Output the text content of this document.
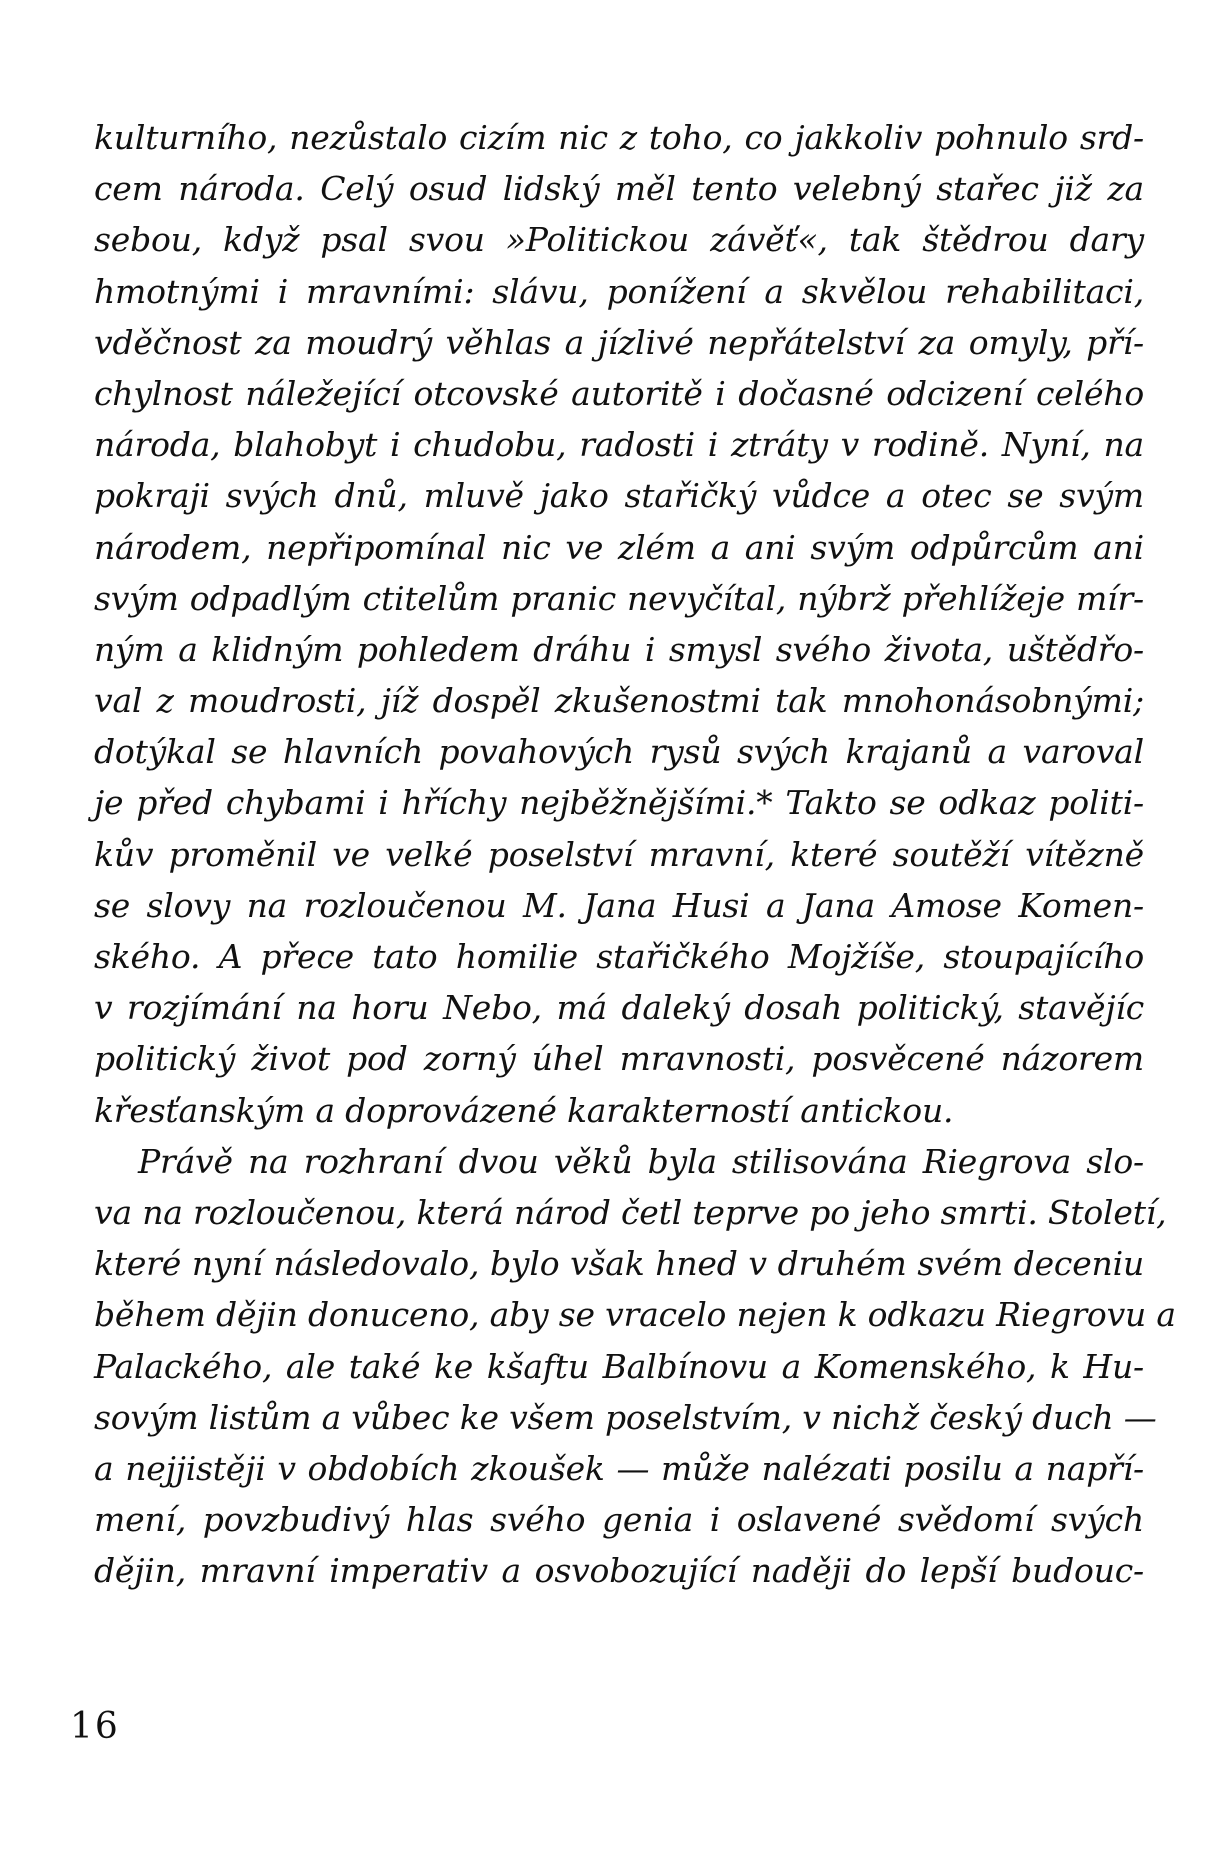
kulturního, nezůstalo cizím nic z toho, co jakkoliv pohnulo srd-
cem národa. Celý osud lidský měl tento velebný stařec již za
sebou, když psal svou »Politickou závěť«, tak štědrou dary
hmotnými i mravními: slávu, ponížení a skvělou rehabilitaci,
vděčnost za moudrý věhlas a jízlivé nepřátelství za omyly, pří-
chylnost náležející otcovské autoritě i dočasné odcizení celého
národa, blahobyt i chudobu, radosti i ztráty v rodině. Nyní, na
pokraji svých dnů, mluvě jako stařičký vůdce a otec se svým
národem, nepřipomínal nic ve zlém a ani svým odpůrcům ani
svým odpadlým ctitelům pranic nevyčítal, nýbrž přehlížeje mír-
ným a klidným pohledem dráhu i smysl svého života, uštědřo-
val z moudrosti, jíž dospěl zkušenostmi tak mnohonásobnými;
dotýkal se hlavních povahových rysů svých krajanů a varoval
je před chybami i hříchy nejběžnějšími.* Takto se odkaz politi-
kův proměnil ve velké poselství mravní, které soutěží vítězně
se slovy na rozloučenou M. Jana Husi a Jana Amose Komen-
ského. A přece tato homilie stařičkého Mojžíše, stoupajícího
v rozjímání na horu Nebo, má daleký dosah politický, stavějíc
politický život pod zorný úhel mravnosti, posvěcené názorem
křesťanským a doprovázené karakterností antickou.
Právě na rozhraní dvou věků byla stilisována Riegrova slo-
va na rozloučenou, která národ četl teprve po jeho smrti. Století,
které nyní následovalo, bylo však hned v druhém svém deceniu
během dějin donuceno, aby se vracelo nejen k odkazu Riegrovu a
Palackého, ale také ke kšaftu Balbínovu a Komenského, k Hu-
sovým listům a vůbec ke všem poselstvím, v nichž český duch —
a nejjistěji v obdobích zkoušek — může nalézati posilu a napří-
mení, povzbudivý hlas svého genia i oslavené svědomí svých
dějin, mravní imperativ a osvobozující naději do lepší budouc-
16
